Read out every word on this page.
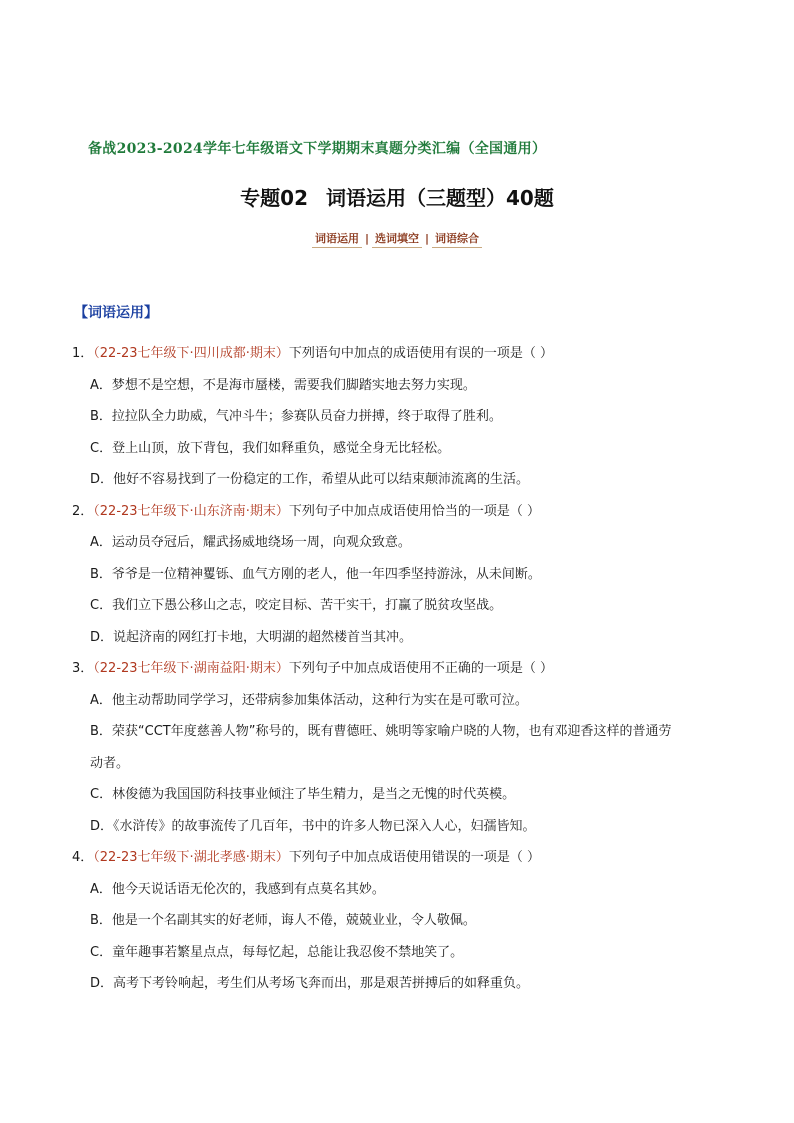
备战2023-2024学年七年级语文下学期期末真题分类汇编（全国通用）
专题02 词语运用（三题型）40题
词语运用 | 选词填空 | 词语综合
【词语运用】
1．（22-23七年级下·四川成都·期末）下列语句中加点的成语使用有误的一项是（ ）
A．梦想不是空想，不是海市蜃楼，需要我们脚踏实地去努力实现。
B．拉拉队全力助威，气冲斗牛；参赛队员奋力拼搏，终于取得了胜利。
C．登上山顶，放下背包，我们如释重负，感觉全身无比轻松。
D．他好不容易找到了一份稳定的工作，希望从此可以结束颠沛流离的生活。
2．（22-23七年级下·山东济南·期末）下列句子中加点成语使用恰当的一项是（ ）
A．运动员夺冠后，耀武扬威地绕场一周，向观众致意。
B．爷爷是一位精神矍铄、血气方刚的老人，他一年四季坚持游泳，从未间断。
C．我们立下愚公移山之志，咬定目标、苦干实干，打赢了脱贫攻坚战。
D．说起济南的网红打卡地，大明湖的超然楼首当其冲。
3．（22-23七年级下·湖南益阳·期末）下列句子中加点成语使用不正确的一项是（ ）
A．他主动帮助同学学习，还带病参加集体活动，这种行为实在是可歌可泣。
B．荣获“CCT年度慈善人物”称号的，既有曹德旺、姚明等家喻户晓的人物，也有邓迎香这样的普通劳
动者。
C．林俊德为我国国防科技事业倾注了毕生精力，是当之无愧的时代英模。
D．《水浒传》的故事流传了几百年，书中的许多人物已深入人心，妇孺皆知。
4．（22-23七年级下·湖北孝感·期末）下列句子中加点成语使用错误的一项是（ ）
A．他今天说话语无伦次的，我感到有点莫名其妙。
B．他是一个名副其实的好老师，诲人不倦，兢兢业业，令人敬佩。
C．童年趣事若繁星点点，每每忆起，总能让我忍俊不禁地笑了。
D．高考下考铃响起，考生们从考场飞奔而出，那是艰苦拼搏后的如释重负。
